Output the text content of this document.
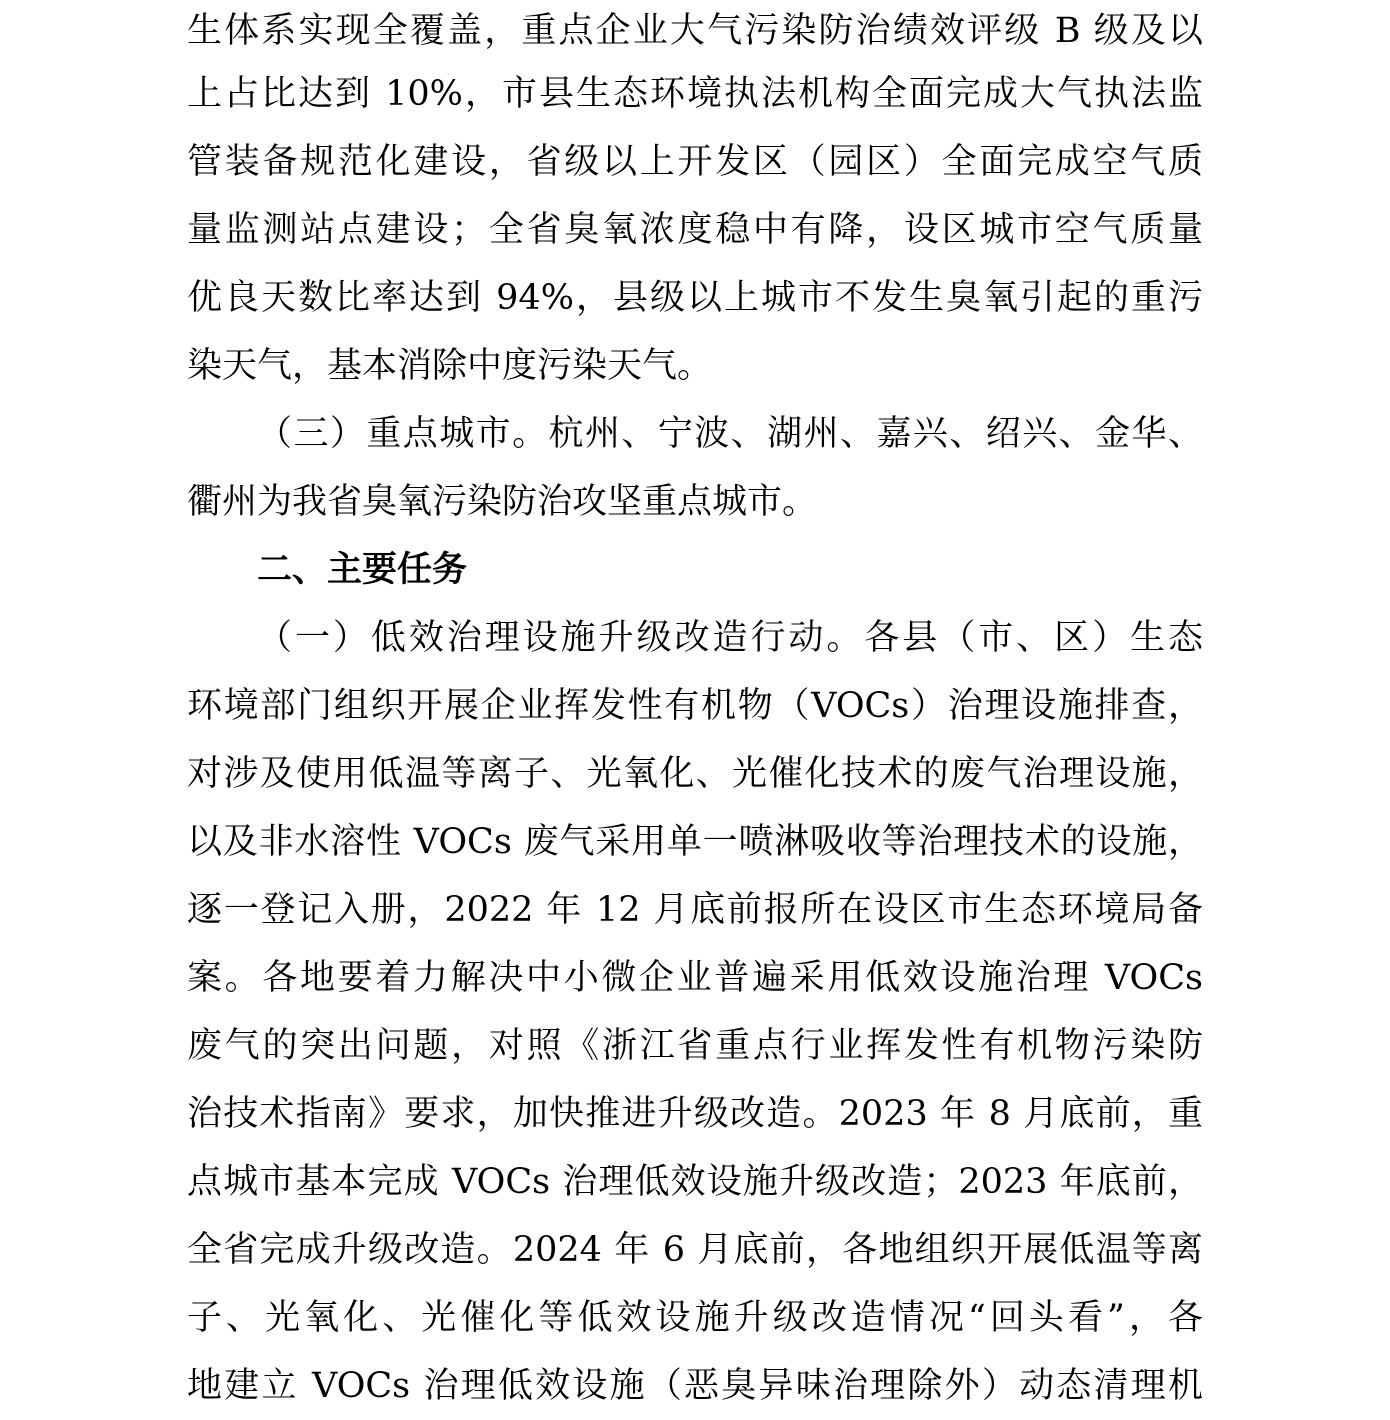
生体系实现全覆盖，重点企业大气污染防治绩效评级 B 级及以
上占比达到 10%，市县生态环境执法机构全面完成大气执法监
管装备规范化建设，省级以上开发区（园区）全面完成空气质
量监测站点建设；全省臭氧浓度稳中有降，设区城市空气质量
优良天数比率达到 94%，县级以上城市不发生臭氧引起的重污
染天气，基本消除中度污染天气。
（三）重点城市。杭州、宁波、湖州、嘉兴、绍兴、金华、
衢州为我省臭氧污染防治攻坚重点城市。
二、主要任务
（一）低效治理设施升级改造行动。各县（市、区）生态
环境部门组织开展企业挥发性有机物（VOCs）治理设施排查，
对涉及使用低温等离子、光氧化、光催化技术的废气治理设施，
以及非水溶性 VOCs 废气采用单一喷淋吸收等治理技术的设施，
逐一登记入册，2022 年 12 月底前报所在设区市生态环境局备
案。各地要着力解决中小微企业普遍采用低效设施治理 VOCs
废气的突出问题，对照《浙江省重点行业挥发性有机物污染防
治技术指南》要求，加快推进升级改造。2023 年 8 月底前，重
点城市基本完成 VOCs 治理低效设施升级改造；2023 年底前，
全省完成升级改造。2024 年 6 月底前，各地组织开展低温等离
子、光氧化、光催化等低效设施升级改造情况“回头看”，各
地建立 VOCs 治理低效设施（恶臭异味治理除外）动态清理机
